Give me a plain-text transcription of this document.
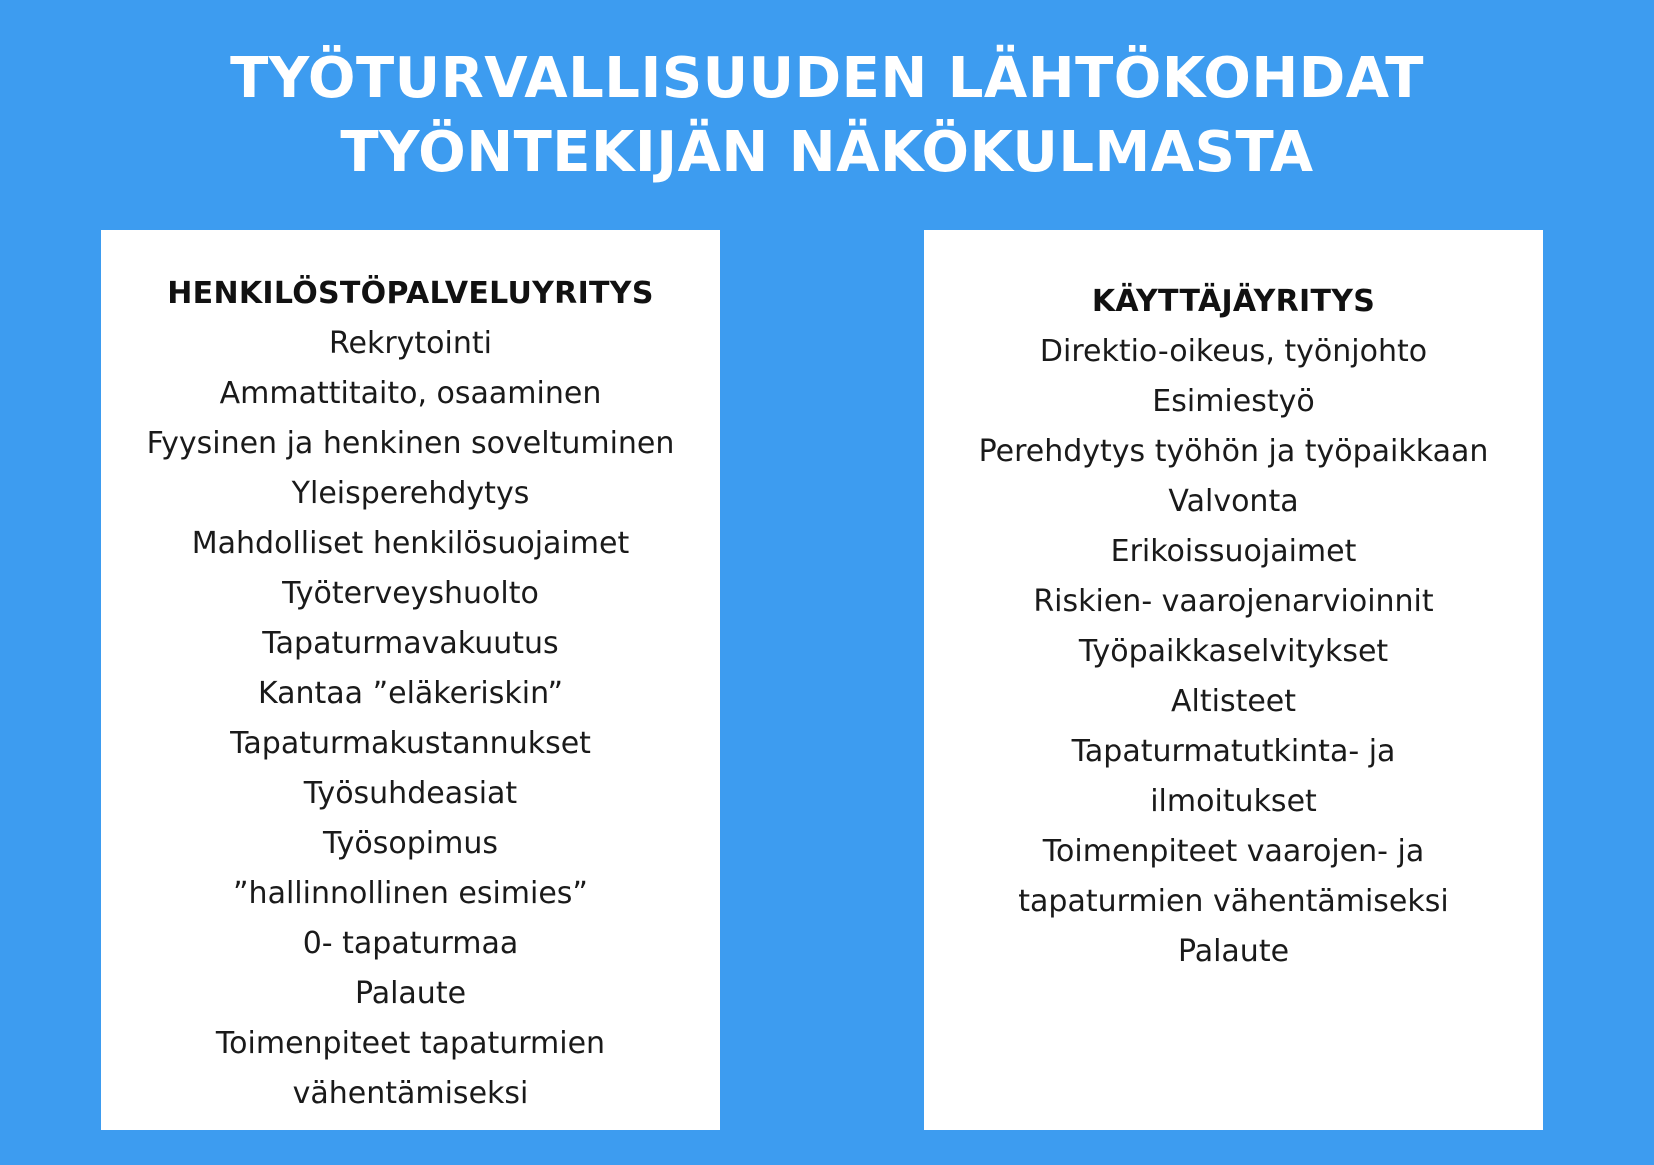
TYÖTURVALLISUUDEN LÄHTÖKOHDAT
TYÖNTEKIJÄN NÄKÖKULMASTA
HENKILÖSTÖPALVELUYRITYS
Rekrytointi
Ammattitaito, osaaminen
Fyysinen ja henkinen soveltuminen
Yleisperehdytys
Mahdolliset henkilösuojaimet
Työterveyshuolto
Tapaturmavakuutus
Kantaa ”eläkeriskin”
Tapaturmakustannukset
Työsuhdeasiat
Työsopimus
”hallinnollinen esimies”
0- tapaturmaa
Palaute
Toimenpiteet tapaturmien
vähentämiseksi
KÄYTTÄJÄYRITYS
Direktio-oikeus, työnjohto
Esimiestyö
Perehdytys työhön ja työpaikkaan
Valvonta
Erikoissuojaimet
Riskien- vaarojenarvioinnit
Työpaikkaselvitykset
Altisteet
Tapaturmatutkinta- ja
ilmoitukset
Toimenpiteet vaarojen- ja
tapaturmien vähentämiseksi
Palaute
